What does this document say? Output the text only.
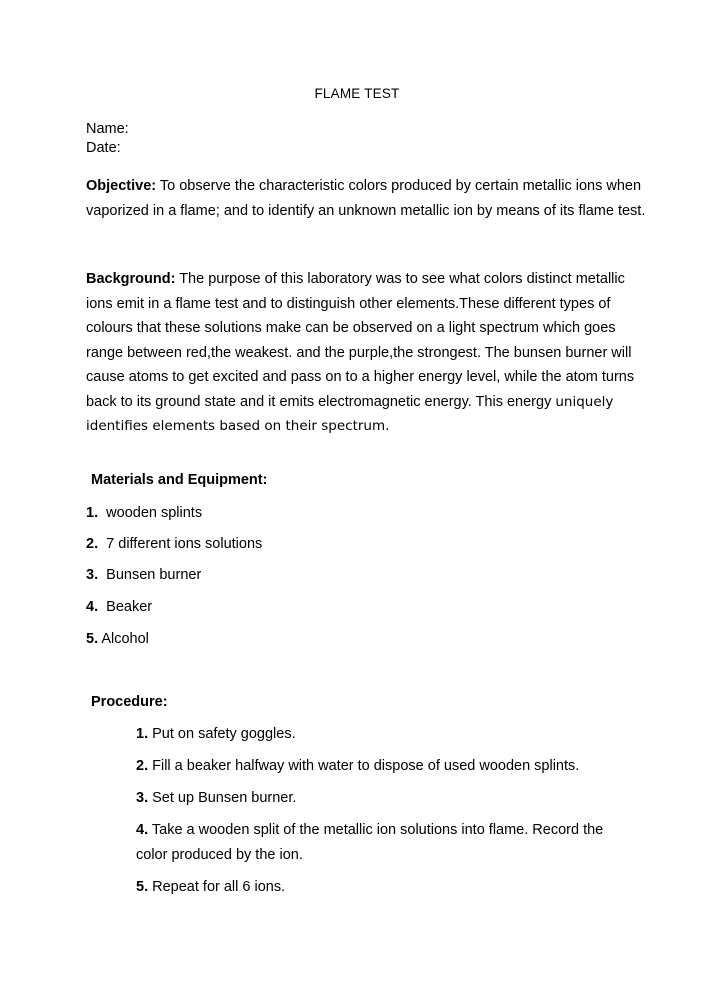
FLAME TEST
Name:
Date:
Objective: To observe the characteristic colors produced by certain metallic ions when vaporized in a flame; and to identify an unknown metallic ion by means of its flame test.
Background: The purpose of this laboratory was to see what colors distinct metallic ions emit in a flame test and to distinguish other elements.These different types of colours that these solutions make can be observed on a light spectrum which goes range between red,the weakest. and the purple,the strongest. The bunsen burner will cause atoms to get excited and pass on to a higher energy level, while the atom turns back to its ground state and it emits electromagnetic energy. This energy uniquely identifies elements based on their spectrum.
Materials and Equipment:
1. wooden splints
2. 7 different ions solutions
3. Bunsen burner
4. Beaker
5. Alcohol
Procedure:
1. Put on safety goggles.
2. Fill a beaker halfway with water to dispose of used wooden splints.
3. Set up Bunsen burner.
4. Take a wooden split of the metallic ion solutions into flame. Record the color produced by the ion.
5. Repeat for all 6 ions.
